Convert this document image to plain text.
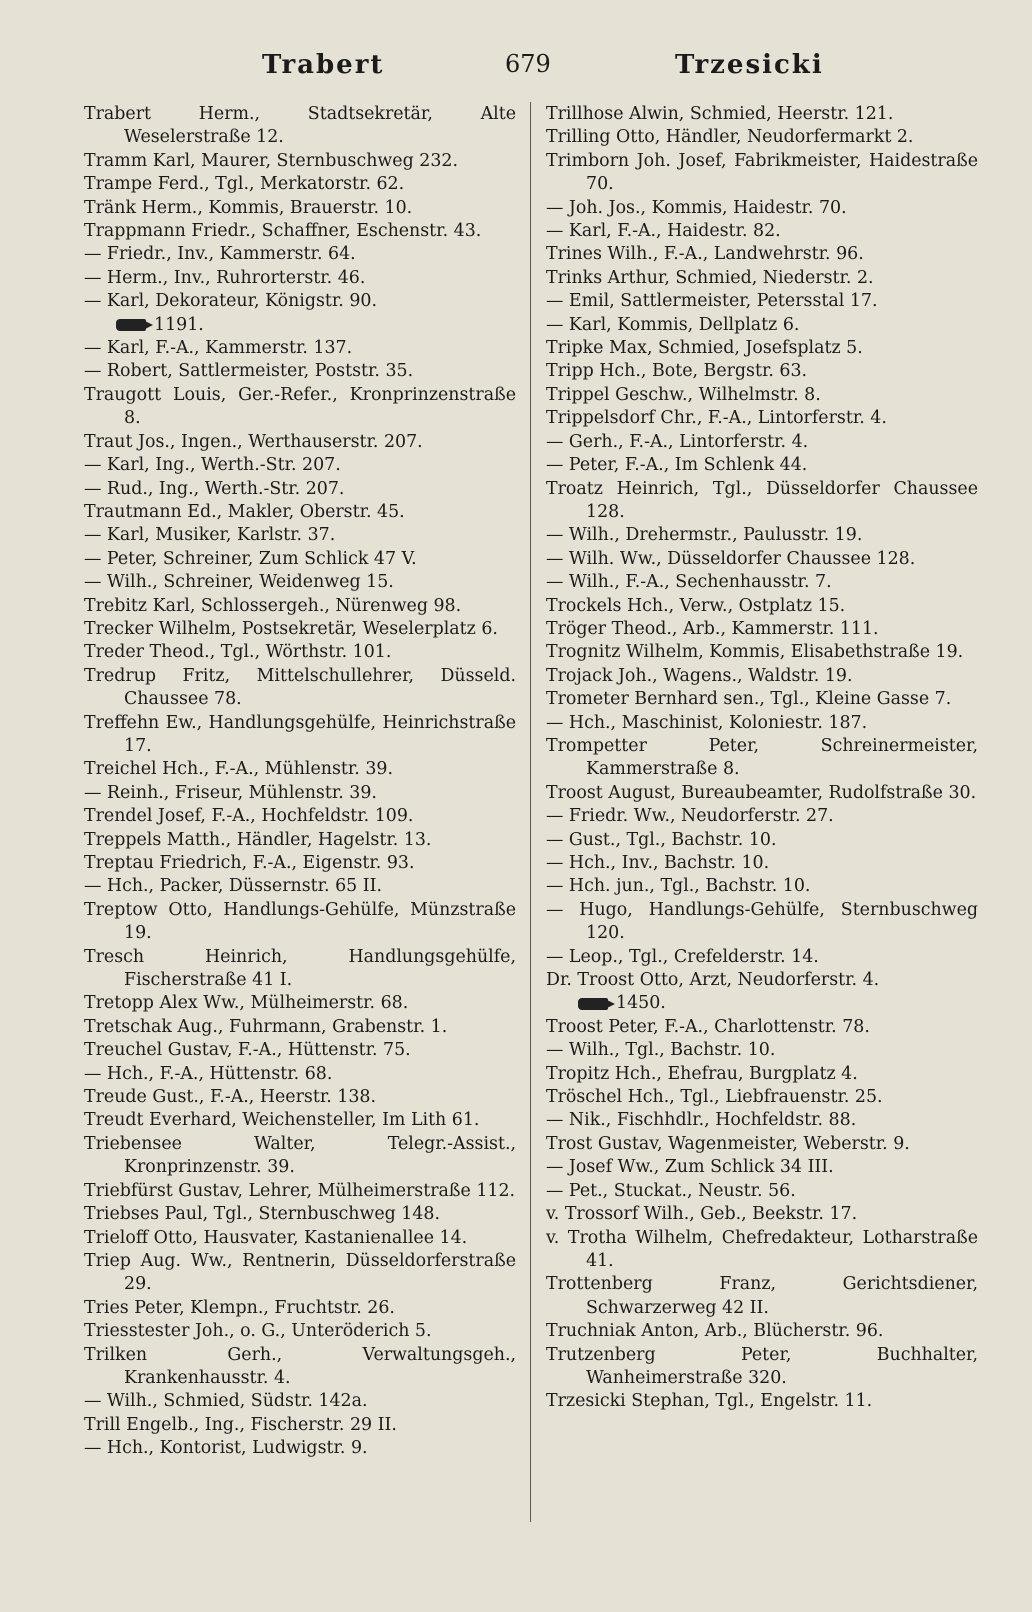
Trabert	679	Trzesicki
Trabert Herm., Stadtsekretär, Alte Weselerstraße 12.
Tramm Karl, Maurer, Sternbuschweg 232.
Trampe Ferd., Tgl., Merkatorstr. 62.
Tränk Herm., Kommis, Brauerstr. 10.
Trappmann Friedr., Schaffner, Eschenstr. 43.
— Friedr., Inv., Kammerstr. 64.
— Herm., Inv., Ruhrorterstr. 46.
— Karl, Dekorateur, Königstr. 90.
1191.
— Karl, F.-A., Kammerstr. 137.
— Robert, Sattlermeister, Poststr. 35.
Traugott Louis, Ger.-Refer., Kronprinzenstraße 8.
Traut Jos., Ingen., Werthauserstr. 207.
— Karl, Ing., Werth.-Str. 207.
— Rud., Ing., Werth.-Str. 207.
Trautmann Ed., Makler, Oberstr. 45.
— Karl, Musiker, Karlstr. 37.
— Peter, Schreiner, Zum Schlick 47 V.
— Wilh., Schreiner, Weidenweg 15.
Trebitz Karl, Schlossergeh., Nürenweg 98.
Trecker Wilhelm, Postsekretär, Weselerplatz 6.
Treder Theod., Tgl., Wörthstr. 101.
Tredrup Fritz, Mittelschullehrer, Düsseld. Chaussee 78.
Treffehn Ew., Handlungsgehülfe, Heinrichstraße 17.
Treichel Hch., F.-A., Mühlenstr. 39.
— Reinh., Friseur, Mühlenstr. 39.
Trendel Josef, F.-A., Hochfeldstr. 109.
Treppels Matth., Händler, Hagelstr. 13.
Treptau Friedrich, F.-A., Eigenstr. 93.
— Hch., Packer, Düssernstr. 65 II.
Treptow Otto, Handlungs-Gehülfe, Münzstraße 19.
Tresch Heinrich, Handlungsgehülfe, Fischerstraße 41 I.
Tretopp Alex Ww., Mülheimerstr. 68.
Tretschak Aug., Fuhrmann, Grabenstr. 1.
Treuchel Gustav, F.-A., Hüttenstr. 75.
— Hch., F.-A., Hüttenstr. 68.
Treude Gust., F.-A., Heerstr. 138.
Treudt Everhard, Weichensteller, Im Lith 61.
Triebensee Walter, Telegr.-Assist., Kronprinzenstr. 39.
Triebfürst Gustav, Lehrer, Mülheimerstraße 112.
Triebses Paul, Tgl., Sternbuschweg 148.
Trieloff Otto, Hausvater, Kastanienallee 14.
Triep Aug. Ww., Rentnerin, Düsseldorferstraße 29.
Tries Peter, Klempn., Fruchtstr. 26.
Triesstester Joh., o. G., Unteröderich 5.
Trilken Gerh., Verwaltungsgeh., Krankenhausstr. 4.
— Wilh., Schmied, Südstr. 142a.
Trill Engelb., Ing., Fischerstr. 29 II.
— Hch., Kontorist, Ludwigstr. 9.
Trillhose Alwin, Schmied, Heerstr. 121.
Trilling Otto, Händler, Neudorfermarkt 2.
Trimborn Joh. Josef, Fabrikmeister, Haidestraße 70.
— Joh. Jos., Kommis, Haidestr. 70.
— Karl, F.-A., Haidestr. 82.
Trines Wilh., F.-A., Landwehrstr. 96.
Trinks Arthur, Schmied, Niederstr. 2.
— Emil, Sattlermeister, Petersstal 17.
— Karl, Kommis, Dellplatz 6.
Tripke Max, Schmied, Josefsplatz 5.
Tripp Hch., Bote, Bergstr. 63.
Trippel Geschw., Wilhelmstr. 8.
Trippelsdorf Chr., F.-A., Lintorferstr. 4.
— Gerh., F.-A., Lintorferstr. 4.
— Peter, F.-A., Im Schlenk 44.
Troatz Heinrich, Tgl., Düsseldorfer Chaussee 128.
— Wilh., Drehermstr., Paulusstr. 19.
— Wilh. Ww., Düsseldorfer Chaussee 128.
— Wilh., F.-A., Sechenhausstr. 7.
Trockels Hch., Verw., Ostplatz 15.
Tröger Theod., Arb., Kammerstr. 111.
Trognitz Wilhelm, Kommis, Elisabethstraße 19.
Trojack Joh., Wagens., Waldstr. 19.
Trometer Bernhard sen., Tgl., Kleine Gasse 7.
— Hch., Maschinist, Koloniestr. 187.
Trompetter Peter, Schreinermeister, Kammerstraße 8.
Troost August, Bureaubeamter, Rudolfstraße 30.
— Friedr. Ww., Neudorferstr. 27.
— Gust., Tgl., Bachstr. 10.
— Hch., Inv., Bachstr. 10.
— Hch. jun., Tgl., Bachstr. 10.
— Hugo, Handlungs-Gehülfe, Sternbuschweg 120.
— Leop., Tgl., Crefelderstr. 14.
Dr. Troost Otto, Arzt, Neudorferstr. 4.
1450.
Troost Peter, F.-A., Charlottenstr. 78.
— Wilh., Tgl., Bachstr. 10.
Tropitz Hch., Ehefrau, Burgplatz 4.
Tröschel Hch., Tgl., Liebfrauenstr. 25.
— Nik., Fischhdlr., Hochfeldstr. 88.
Trost Gustav, Wagenmeister, Weberstr. 9.
— Josef Ww., Zum Schlick 34 III.
— Pet., Stuckat., Neustr. 56.
v. Trossorf Wilh., Geb., Beekstr. 17.
v. Trotha Wilhelm, Chefredakteur, Lotharstraße 41.
Trottenberg Franz, Gerichtsdiener, Schwarzerweg 42 II.
Truchniak Anton, Arb., Blücherstr. 96.
Trutzenberg Peter, Buchhalter, Wanheimerstraße 320.
Trzesicki Stephan, Tgl., Engelstr. 11.
